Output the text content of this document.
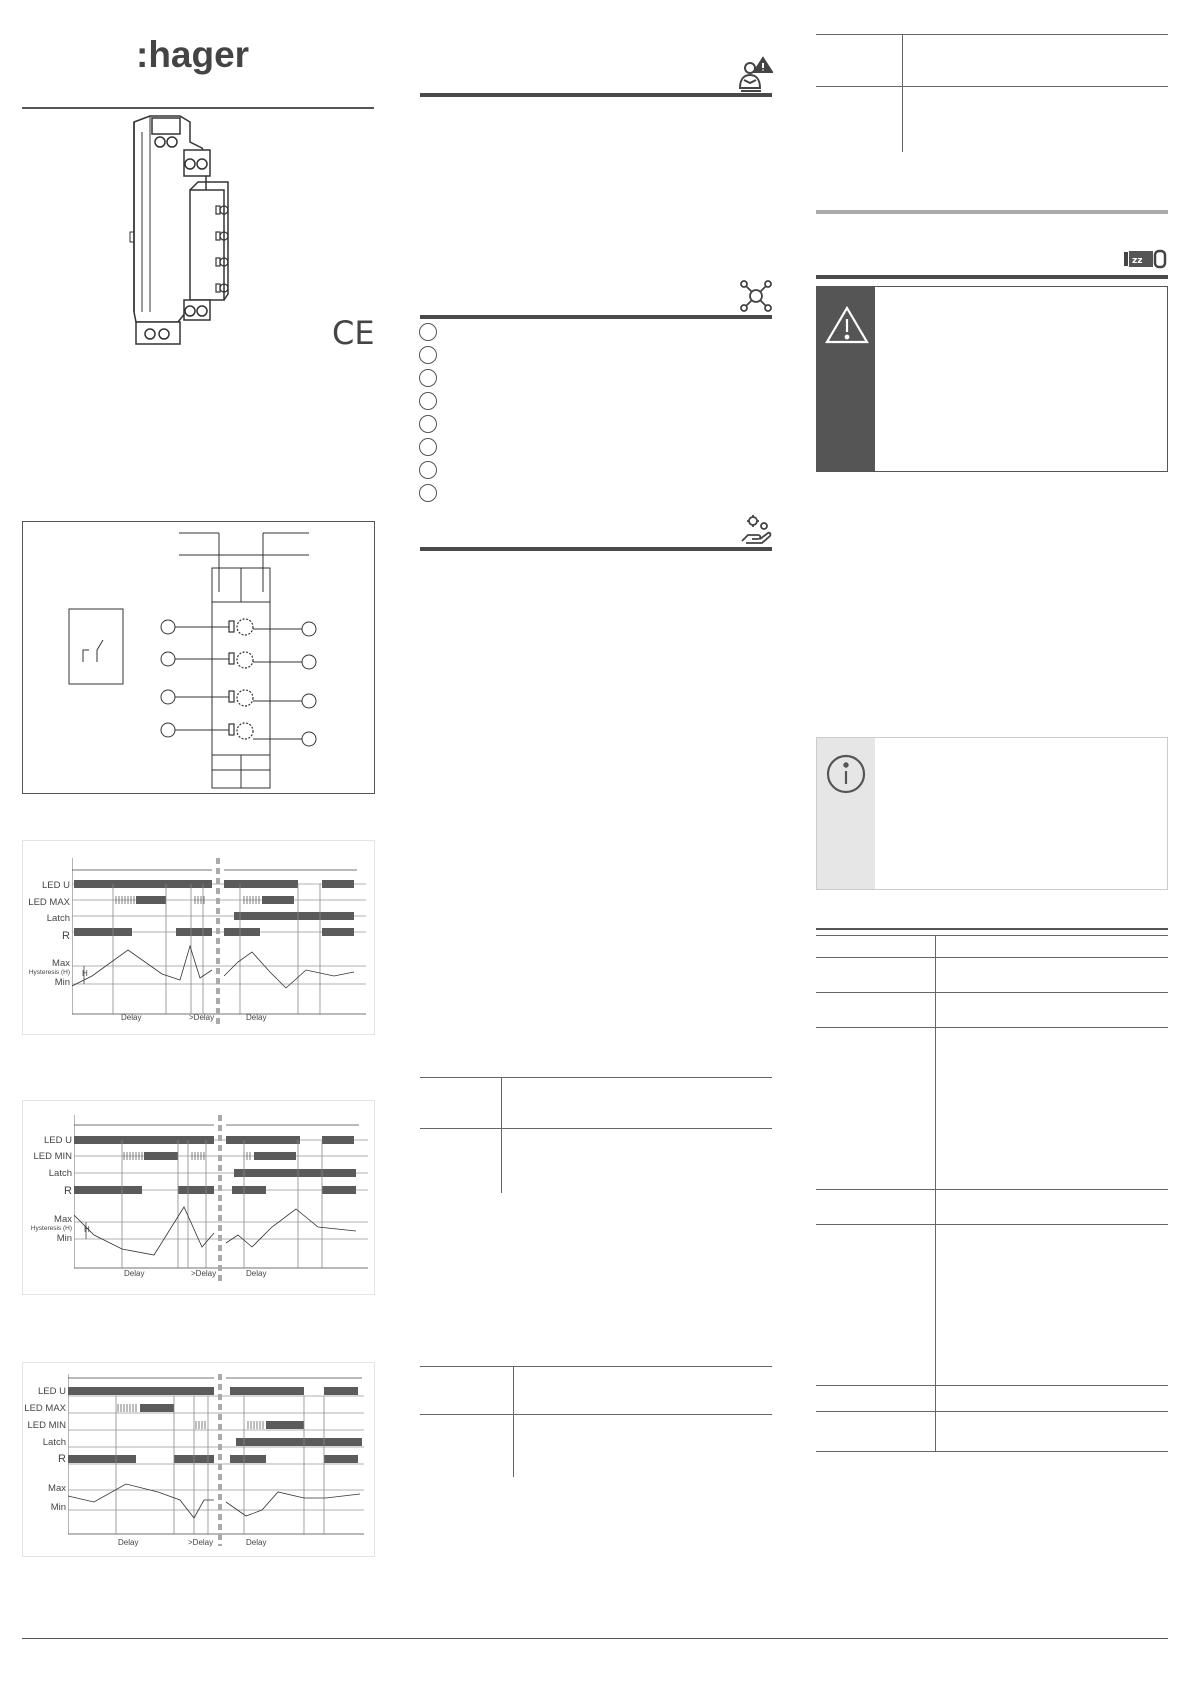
:hager
CE
LED U
LED MAX
Latch
R
Max
Hysteresis (H)
Min
H
Delay	>Delay	Delay
LED U
LED MIN
Latch
R
Max
Hysteresis (H)
Min
H
Delay	>Delay	Delay
LED U
LED MAX
LED MIN
Latch
R
Max
Min
Delay	>Delay	Delay
zz
